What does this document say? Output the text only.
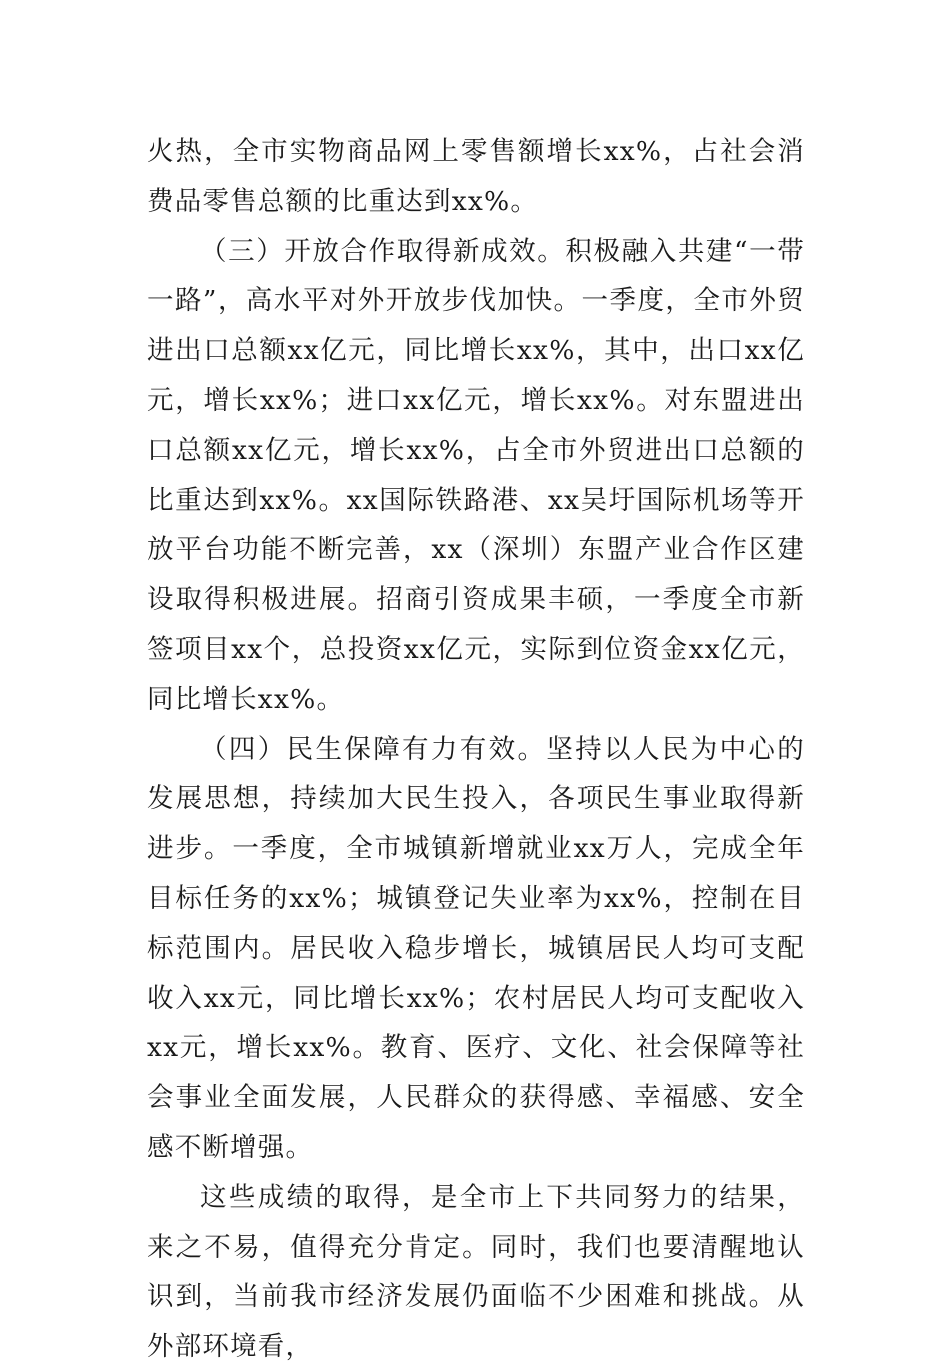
火热，全市实物商品网上零售额增长xx%，占社会消费品零售总额的比重达到xx%。

（三）开放合作取得新成效。积极融入共建“一带一路”，高水平对外开放步伐加快。一季度，全市外贸进出口总额xx亿元，同比增长xx%，其中，出口xx亿元，增长xx%；进口xx亿元，增长xx%。对东盟进出口总额xx亿元，增长xx%，占全市外贸进出口总额的比重达到xx%。xx国际铁路港、xx吴圩国际机场等开放平台功能不断完善，xx（深圳）东盟产业合作区建设取得积极进展。招商引资成果丰硕，一季度全市新签项目xx个，总投资xx亿元，实际到位资金xx亿元，同比增长xx%。

（四）民生保障有力有效。坚持以人民为中心的发展思想，持续加大民生投入，各项民生事业取得新进步。一季度，全市城镇新增就业xx万人，完成全年目标任务的xx%；城镇登记失业率为xx%，控制在目标范围内。居民收入稳步增长，城镇居民人均可支配收入xx元，同比增长xx%；农村居民人均可支配收入xx元，增长xx%。教育、医疗、文化、社会保障等社会事业全面发展，人民群众的获得感、幸福感、安全感不断增强。

这些成绩的取得，是全市上下共同努力的结果，来之不易，值得充分肯定。同时，我们也要清醒地认识到，当前我市经济发展仍面临不少困难和挑战。从外部环境看，
